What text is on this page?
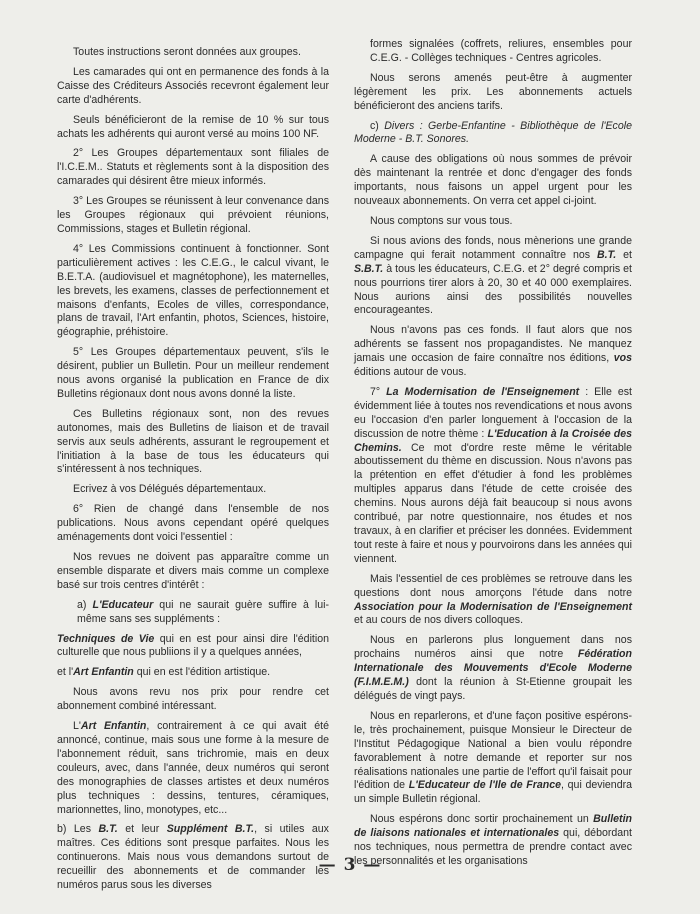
Toutes instructions seront données aux groupes.

Les camarades qui ont en permanence des fonds à la Caisse des Créditeurs Associés recevront également leur carte d'adhérents.

Seuls bénéficieront de la remise de 10 % sur tous achats les adhérents qui auront versé au moins 100 NF.

2° Les Groupes départementaux sont filiales de l'I.C.E.M.. Statuts et règlements sont à la disposition des camarades qui désirent être mieux informés.

3° Les Groupes se réunissent à leur convenance dans les Groupes régionaux qui prévoient réunions, Commissions, stages et Bulletin régional.

4° Les Commissions continuent à fonctionner. Sont particulièrement actives : les C.E.G., le calcul vivant, le B.E.T.A. (audiovisuel et magnétophone), les maternelles, les brevets, les examens, classes de perfectionnement et maisons d'enfants, Ecoles de villes, correspondance, plans de travail, l'Art enfantin, photos, Sciences, histoire, géographie, préhistoire.

5° Les Groupes départementaux peuvent, s'ils le désirent, publier un Bulletin. Pour un meilleur rendement nous avons organisé la publication en France de dix Bulletins régionaux dont nous avons donné la liste.

Ces Bulletins régionaux sont, non des revues autonomes, mais des Bulletins de liaison et de travail servis aux seuls adhérents, assurant le regroupement et l'initiation à la base de tous les éducateurs qui s'intéressent à nos techniques.

Ecrivez à vos Délégués départementaux.

6° Rien de changé dans l'ensemble de nos publications. Nous avons cependant opéré quelques aménagements dont voici l'essentiel :

Nos revues ne doivent pas apparaître comme un ensemble disparate et divers mais comme un complexe basé sur trois centres d'intérêt :

a) L'Educateur qui ne saurait guère suffire à lui-même sans ses suppléments :

Techniques de Vie qui en est pour ainsi dire l'édition culturelle que nous publiions il y a quelques années,

et l'Art Enfantin qui en est l'édition artistique.

Nous avons revu nos prix pour rendre cet abonnement combiné intéressant.

L'Art Enfantin, contrairement à ce qui avait été annoncé, continue, mais sous une forme à la mesure de l'abonnement réduit, sans trichromie, mais en deux couleurs, avec, dans l'année, deux numéros qui seront des monographies de classes artistes et deux numéros plus techniques : dessins, tentures, céramiques, marionnettes, lino, monotypes, etc...

b) Les B.T. et leur Supplément B.T., si utiles aux maîtres. Ces éditions sont presque parfaites. Nous les continuerons. Mais nous vous demandons surtout de recueillir des abonnements et de commander les numéros parus sous les diverses

formes signalées (coffrets, reliures, ensembles pour C.E.G. - Collèges techniques - Centres agricoles.

Nous serons amenés peut-être à augmenter légèrement les prix. Les abonnements actuels bénéficieront des anciens tarifs.

c) Divers : Gerbe-Enfantine - Bibliothèque de l'Ecole Moderne - B.T. Sonores.

A cause des obligations où nous sommes de prévoir dès maintenant la rentrée et donc d'engager des fonds importants, nous faisons un appel urgent pour les nouveaux abonnements. On verra cet appel ci-joint.

Nous comptons sur vous tous.

Si nous avions des fonds, nous mènerions une grande campagne qui ferait notamment connaître nos B.T. et S.B.T. à tous les éducateurs, C.E.G. et 2° degré compris et nous pourrions tirer alors à 20, 30 et 40 000 exemplaires. Nous aurions ainsi des possibilités nouvelles encourageantes.

Nous n'avons pas ces fonds. Il faut alors que nos adhérents se fassent nos propagandistes. Ne manquez jamais une occasion de faire connaître nos éditions, vos éditions autour de vous.

7° La Modernisation de l'Enseignement : Elle est évidemment liée à toutes nos revendications et nous avons eu l'occasion d'en parler longuement à l'occasion de la discussion de notre thème : L'Education à la Croisée des Chemins. Ce mot d'ordre reste même le véritable aboutissement du thème en discussion. Nous n'avons pas la prétention en effet d'étudier à fond les problèmes multiples apparus dans l'étude de cette croisée des chemins. Nous aurons déjà fait beaucoup si nous avons contribué, par notre questionnaire, nos études et nos travaux, à en clarifier et préciser les données. Evidemment tout reste à faire et nous y pourvoirons dans les années qui viennent.

Mais l'essentiel de ces problèmes se retrouve dans les questions dont nous amorçons l'étude dans notre Association pour la Modernisation de l'Enseignement et au cours de nos divers colloques.

Nous en parlerons plus longuement dans nos prochains numéros ainsi que notre Fédération Internationale des Mouvements d'Ecole Moderne (F.I.M.E.M.) dont la réunion à St-Etienne groupait les délégués de vingt pays.

Nous en reparlerons, et d'une façon positive espérons-le, très prochainement, puisque Monsieur le Directeur de l'Institut Pédagogique National a bien voulu répondre favorablement à notre demande et reporter sur nos réalisations nationales une partie de l'effort qu'il faisait pour l'édition de L'Educateur de l'Ile de France, qui deviendra un simple Bulletin régional.

Nous espérons donc sortir prochainement un Bulletin de liaisons nationales et internationales qui, débordant nos techniques, nous permettra de prendre contact avec les personnalités et les organisations

— 3 —
